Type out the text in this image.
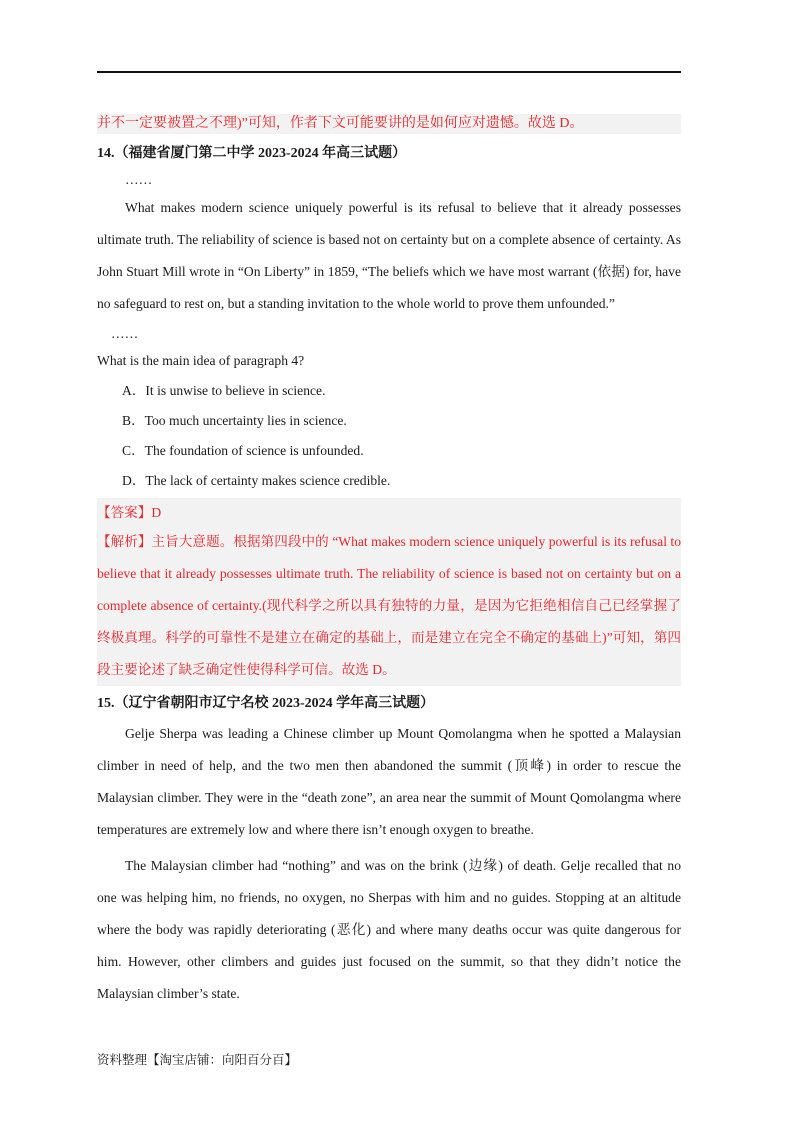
并不一定要被置之不理)”可知，作者下文可能要讲的是如何应对遗憾。故选 D。
14.（福建省厦门第二中学 2023-2024 年高三试题）
……
What makes modern science uniquely powerful is its refusal to believe that it already possesses ultimate truth. The reliability of science is based not on certainty but on a complete absence of certainty. As John Stuart Mill wrote in “On Liberty” in 1859, “The beliefs which we have most warrant (依据) for, have no safeguard to rest on, but a standing invitation to the whole world to prove them unfounded.”
……
What is the main idea of paragraph 4?
A．It is unwise to believe in science.
B．Too much uncertainty lies in science.
C．The foundation of science is unfounded.
D．The lack of certainty makes science credible.
【答案】D
【解析】主旨大意题。根据第四段中的 “What makes modern science uniquely powerful is its refusal to believe that it already possesses ultimate truth. The reliability of science is based not on certainty but on a complete absence of certainty.(现代科学之所以具有独特的力量，是因为它拒绝相信自己已经掌握了终极真理。科学的可靠性不是建立在确定的基础上，而是建立在完全不确定的基础上)”可知，第四段主要论述了缺乏确定性使得科学可信。故选 D。
15.（辽宁省朝阳市辽宁名校 2023-2024 学年高三试题）
Gelje Sherpa was leading a Chinese climber up Mount Qomolangma when he spotted a Malaysian climber in need of help, and the two men then abandoned the summit (顶峰) in order to rescue the Malaysian climber. They were in the “death zone”, an area near the summit of Mount Qomolangma where temperatures are extremely low and where there isn’t enough oxygen to breathe.
The Malaysian climber had “nothing” and was on the brink (边缘) of death. Gelje recalled that no one was helping him, no friends, no oxygen, no Sherpas with him and no guides. Stopping at an altitude where the body was rapidly deteriorating (恶化) and where many deaths occur was quite dangerous for him. However, other climbers and guides just focused on the summit, so that they didn’t notice the Malaysian climber’s state.
资料整理【淘宝店铺：向阳百分百】
